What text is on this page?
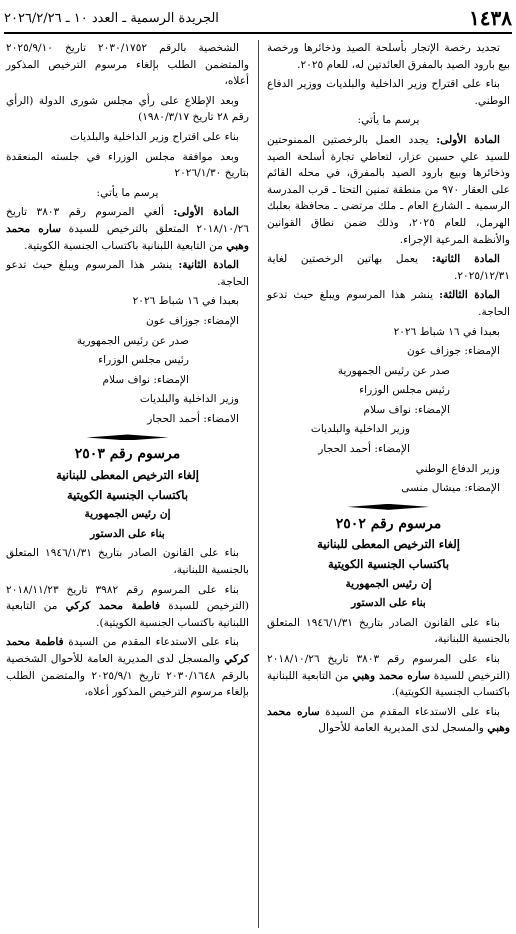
١٤٣٨
الجريدة الرسمية ـ العدد ١٠ ـ ٢٠٢٦/٢/٢٦

تجديد رخصة الإتجار بأسلحة الصيد وذخائرها ورخصة بيع بارود الصيد بالمفرق العائدتين له، للعام ٢٠٢٥.

بناء على اقتراح وزير الداخلية والبلديات ووزير الدفاع الوطني.

يرسم ما يأتي:

المادة الأولى: يجدد العمل بالرخصتين الممنوحتين للسيد علي حسين عزار، لتعاطي تجارة أسلحة الصيد وذخائرها وبيع بارود الصيد بالمفرق، في محله القائم على العقار ٩٧٠ من منطقة تمنين التحتا ـ قرب المدرسة الرسمية ـ الشارع العام ـ ملك مرتضى ـ محافظة بعلبك الهرمل، للعام ٢٠٢٥، وذلك ضمن نطاق القوانين والأنظمة المرعية الإجراء.

المادة الثانية: يعمل بهاتين الرخصتين لغاية ٢٠٢٥/١٢/٣١.

المادة الثالثة: ينشر هذا المرسوم ويبلغ حيث تدعو الحاجة.

بعبدا في ١٦ شباط ٢٠٢٦

الإمضاء: جوزاف عون

صدر عن رئيس الجمهورية

رئيس مجلس الوزراء

الإمضاء: نواف سلام

وزير الداخلية والبلديات

الإمضاء: أحمد الحجار

وزير الدفاع الوطني

الإمضاء: ميشال منسى

مرسوم رقم ٢٥٠٢
إلغاء الترخيص المعطى للبنانية
باكتساب الجنسية الكويتية

إن رئيس الجمهورية

بناء على الدستور

بناء على القانون الصادر بتاريخ ١٩٤٦/١/٣١ المتعلق بالجنسية اللبنانية،

بناء على المرسوم رقم ٣٨٠٣ تاريخ ٢٠١٨/١٠/٢٦ (الترخيص للسيدة ساره محمد وهبي من التابعية اللبنانية باكتساب الجنسية الكويتية).

بناء على الاستدعاء المقدم من السيدة ساره محمد وهبي والمسجل لدى المديرية العامة للأحوال

الشخصية بالرقم ٢٠٣٠/١٧٥٢ تاريخ ٢٠٢٥/٩/١٠ والمتضمن الطلب بإلغاء مرسوم الترخيص المذكور أعلاه،

وبعد الإطلاع على رأي مجلس شورى الدولة (الرأي رقم ٢٨ تاريخ ١٩٨٠/٣/١٧)

بناء على اقتراح وزير الداخلية والبلديات

وبعد موافقة مجلس الوزراء في جلسته المنعقدة بتاريخ ٢٠٢٦/١/٣٠

يرسم ما يأتي:

المادة الأولى: ألغي المرسوم رقم ٣٨٠٣ تاريخ ٢٠١٨/١٠/٢٦ المتعلق بالترخيص للسيدة ساره محمد وهبي من التابعية اللبنانية باكتساب الجنسية الكويتية.

المادة الثانية: ينشر هذا المرسوم ويبلغ حيث تدعو الحاجة.

بعبدا في ١٦ شباط ٢٠٢٦

الإمضاء: جوزاف عون

صدر عن رئيس الجمهورية

رئيس مجلس الوزراء

الإمضاء: نواف سلام

وزير الداخلية والبلديات

الامضاء: أحمد الحجار

مرسوم رقم ٢٥٠٣
إلغاء الترخيص المعطى للبنانية
باكتساب الجنسية الكويتية

إن رئيس الجمهورية

بناء على الدستور

بناء على القانون الصادر بتاريخ ١٩٤٦/١/٣١ المتعلق بالجنسية اللبنانية،

بناء على المرسوم رقم ٣٩٨٢ تاريخ ٢٠١٨/١١/٢٣ (الترخيص للسيدة فاطمة محمد كركي من التابعية اللبنانية باكتساب الجنسية الكويتية).

بناء على الاستدعاء المقدم من السيدة فاطمة محمد كركي والمسجل لدى المديرية العامة للأحوال الشخصية بالرقم ٢٠٣٠/١٦٤٨ تاريخ ٢٠٢٥/٩/١ والمتضمن الطلب بإلغاء مرسوم الترخيص المذكور أعلاه،
